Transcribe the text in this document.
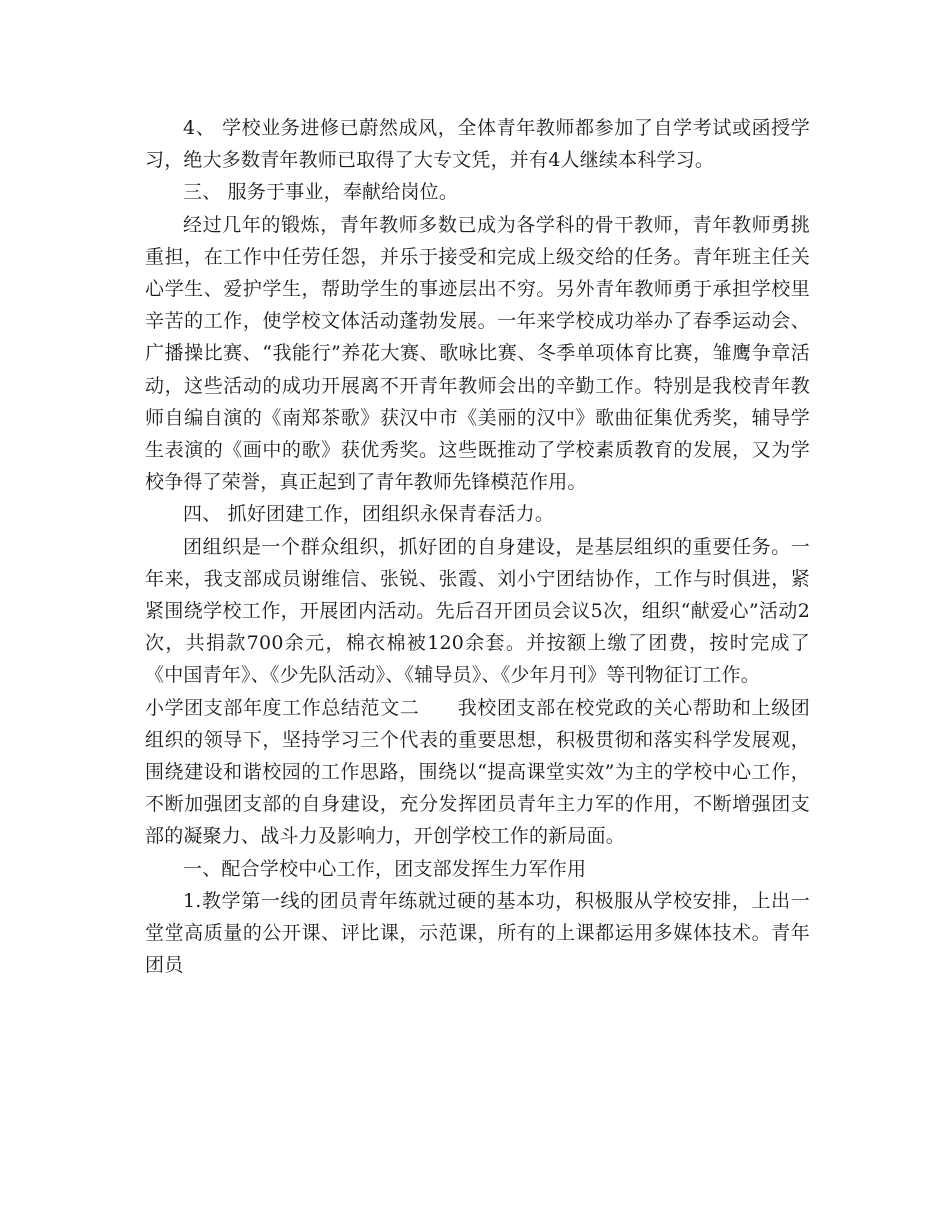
4、 学校业务进修已蔚然成风，全体青年教师都参加了自学考试或函授学习，绝大多数青年教师已取得了大专文凭，并有4人继续本科学习。

三、 服务于事业，奉献给岗位。

经过几年的锻炼，青年教师多数已成为各学科的骨干教师，青年教师勇挑重担，在工作中任劳任怨，并乐于接受和完成上级交给的任务。青年班主任关心学生、爱护学生，帮助学生的事迹层出不穷。另外青年教师勇于承担学校里辛苦的工作，使学校文体活动蓬勃发展。一年来学校成功举办了春季运动会、广播操比赛、“我能行”养花大赛、歌咏比赛、冬季单项体育比赛，雏鹰争章活动，这些活动的成功开展离不开青年教师会出的辛勤工作。特别是我校青年教师自编自演的《南郑茶歌》获汉中市《美丽的汉中》歌曲征集优秀奖，辅导学生表演的《画中的歌》获优秀奖。这些既推动了学校素质教育的发展，又为学校争得了荣誉，真正起到了青年教师先锋模范作用。

四、 抓好团建工作，团组织永保青春活力。

团组织是一个群众组织，抓好团的自身建设，是基层组织的重要任务。一年来，我支部成员谢维信、张锐、张霞、刘小宁团结协作，工作与时俱进，紧紧围绕学校工作，开展团内活动。先后召开团员会议5次，组织“献爱心”活动2次，共捐款700余元，棉衣棉被120余套。并按额上缴了团费，按时完成了《中国青年》、《少先队活动》、《辅导员》、《少年月刊》等刊物征订工作。

小学团支部年度工作总结范文二 我校团支部在校党政的关心帮助和上级团组织的领导下，坚持学习三个代表的重要思想，积极贯彻和落实科学发展观，围绕建设和谐校园的工作思路，围绕以“提高课堂实效”为主的学校中心工作，不断加强团支部的自身建设，充分发挥团员青年主力军的作用，不断增强团支部的凝聚力、战斗力及影响力，开创学校工作的新局面。

一、配合学校中心工作，团支部发挥生力军作用

1.教学第一线的团员青年练就过硬的基本功，积极服从学校安排，上出一堂堂高质量的公开课、评比课，示范课，所有的上课都运用多媒体技术。青年团员
